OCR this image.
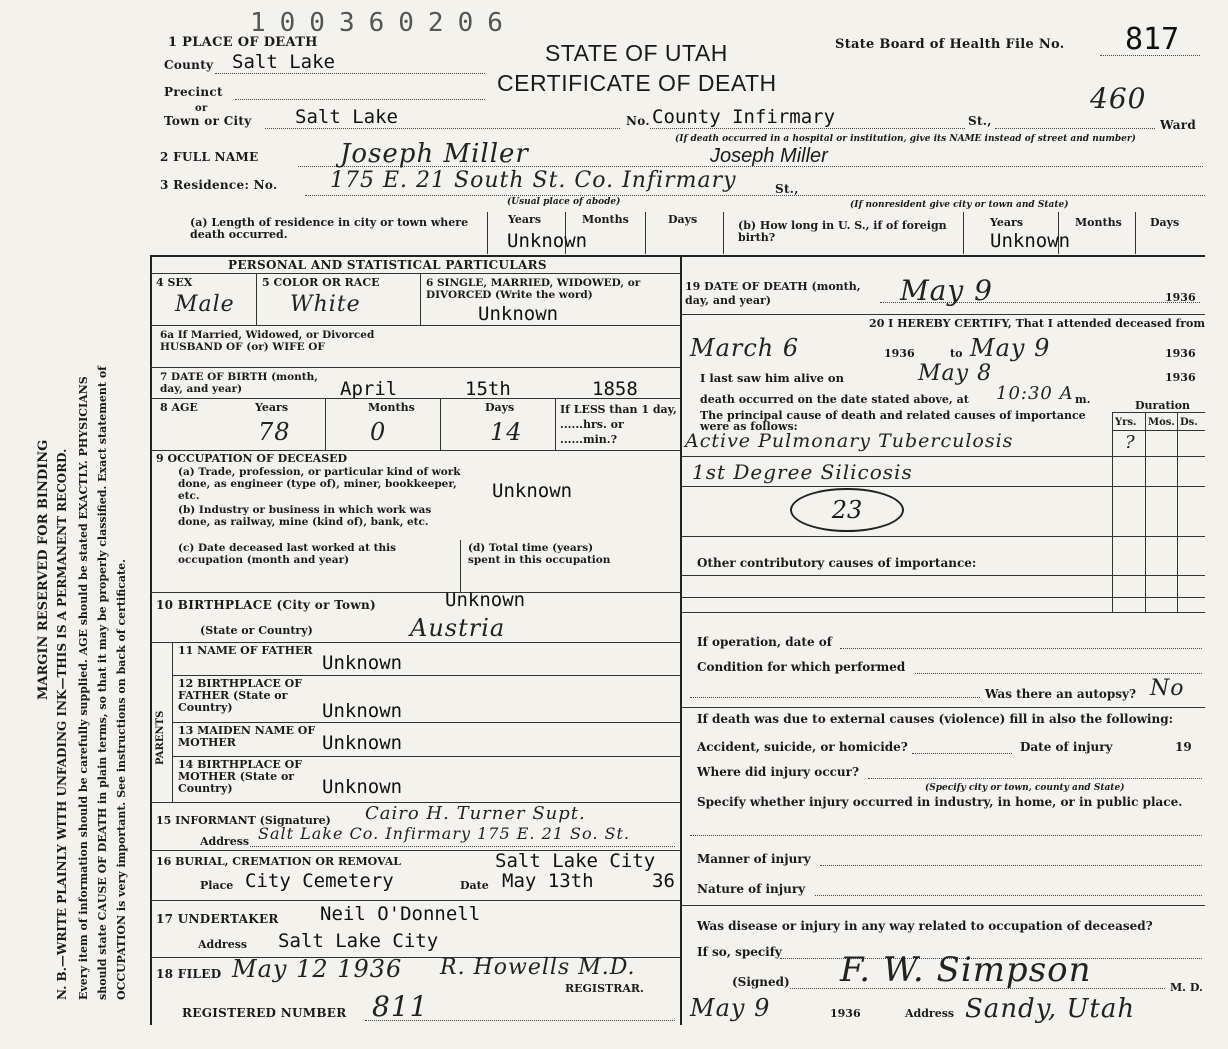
MARGIN RESERVED FOR BINDING N. B.—WRITE PLAINLY WITH UNFADING INK—THIS IS A PERMANENT RECORD. Every item of information should be carefully supplied. AGE should be stated EXACTLY. PHYSICIANS should state CAUSE OF DEATH in plain terms, so that it may be properly classified. Exact statement of OCCUPATION is very important. See instructions on back of certificate.
100360206
1 PLACE OF DEATH	STATE OF UTAH
CERTIFICATE OF DEATH
State Board of Health File No. 817
460
County Salt Lake
Precinct
or
Town or City Salt Lake	No. County Infirmary	St.,	Ward
(If death occurred in a hospital or institution, give its NAME instead of street and number)
2 FULL NAME	Joseph Miller	Joseph Miller
3 Residence: No. 175 E. 21 South St. Co. Infirmary	St.,
(Usual place of abode)	(If nonresident give city or town and State)
(a) Length of residence in city or town where death occurred.
Years	Months	Days
Unknown
(b) How long in U. S., if of foreign birth?
Years	Months	Days
Unknown
PERSONAL AND STATISTICAL PARTICULARS
4 SEX
Male
5 COLOR OR RACE
White
6 SINGLE, MARRIED, WIDOWED, or DIVORCED (Write the word)
Unknown
6a If Married, Widowed, or Divorced HUSBAND OF (or) WIFE OF
7 DATE OF BIRTH (month, day, and year)	April	15th	1858
8 AGE	Years	Months	Days
78	0	14
If LESS than 1 day, ......hrs. or ......min.?
9 OCCUPATION OF DECEASED
(a) Trade, profession, or particular kind of work done, as engineer (type of), miner, bookkeeper, etc.	Unknown
(b) Industry or business in which work was done, as railway, mine (kind of), bank, etc.
(c) Date deceased last worked at this occupation (month and year)
(d) Total time (years) spent in this occupation
10 BIRTHPLACE (City or Town)	Unknown
(State or Country)	Austria
PARENTS
11 NAME OF FATHER
Unknown
12 BIRTHPLACE OF FATHER (State or Country)	Unknown
13 MAIDEN NAME OF MOTHER	Unknown
14 BIRTHPLACE OF MOTHER (State or Country)	Unknown
15 INFORMANT (Signature) Cairo H. Turner Supt.
Address Salt Lake Co. Infirmary 175 E. 21 So. St.
16 BURIAL, CREMATION OR REMOVAL	Salt Lake City
Place City Cemetery	Date May 13th	36
17 UNDERTAKER Neil O'Donnell
Address Salt Lake City
18 FILED May 12 1936 R. Howells M.D.
REGISTRAR.
REGISTERED NUMBER 811
19 DATE OF DEATH (month, day, and year)	May 9	1936
20 I HEREBY CERTIFY, That I attended deceased from
March 6	1936	to May 9	1936
I last saw him alive on	May 8	1936
death occurred on the date stated above, at 10:30 A m.
The principal cause of death and related causes of importance were as follows:
Duration
Yrs. Mos. Ds.
Active Pulmonary Tuberculosis	?
1st Degree Silicosis
23
Other contributory causes of importance:
If operation, date of
Condition for which performed
Was there an autopsy? No
If death was due to external causes (violence) fill in also the following:
Accident, suicide, or homicide?	Date of injury	19
Where did injury occur?
(Specify city or town, county and State)
Specify whether injury occurred in industry, in home, or in public place.
Manner of injury
Nature of injury
Was disease or injury in any way related to occupation of deceased?
If so, specify
(Signed) F. W. Simpson	M. D.
May 9	1936	Address Sandy, Utah
